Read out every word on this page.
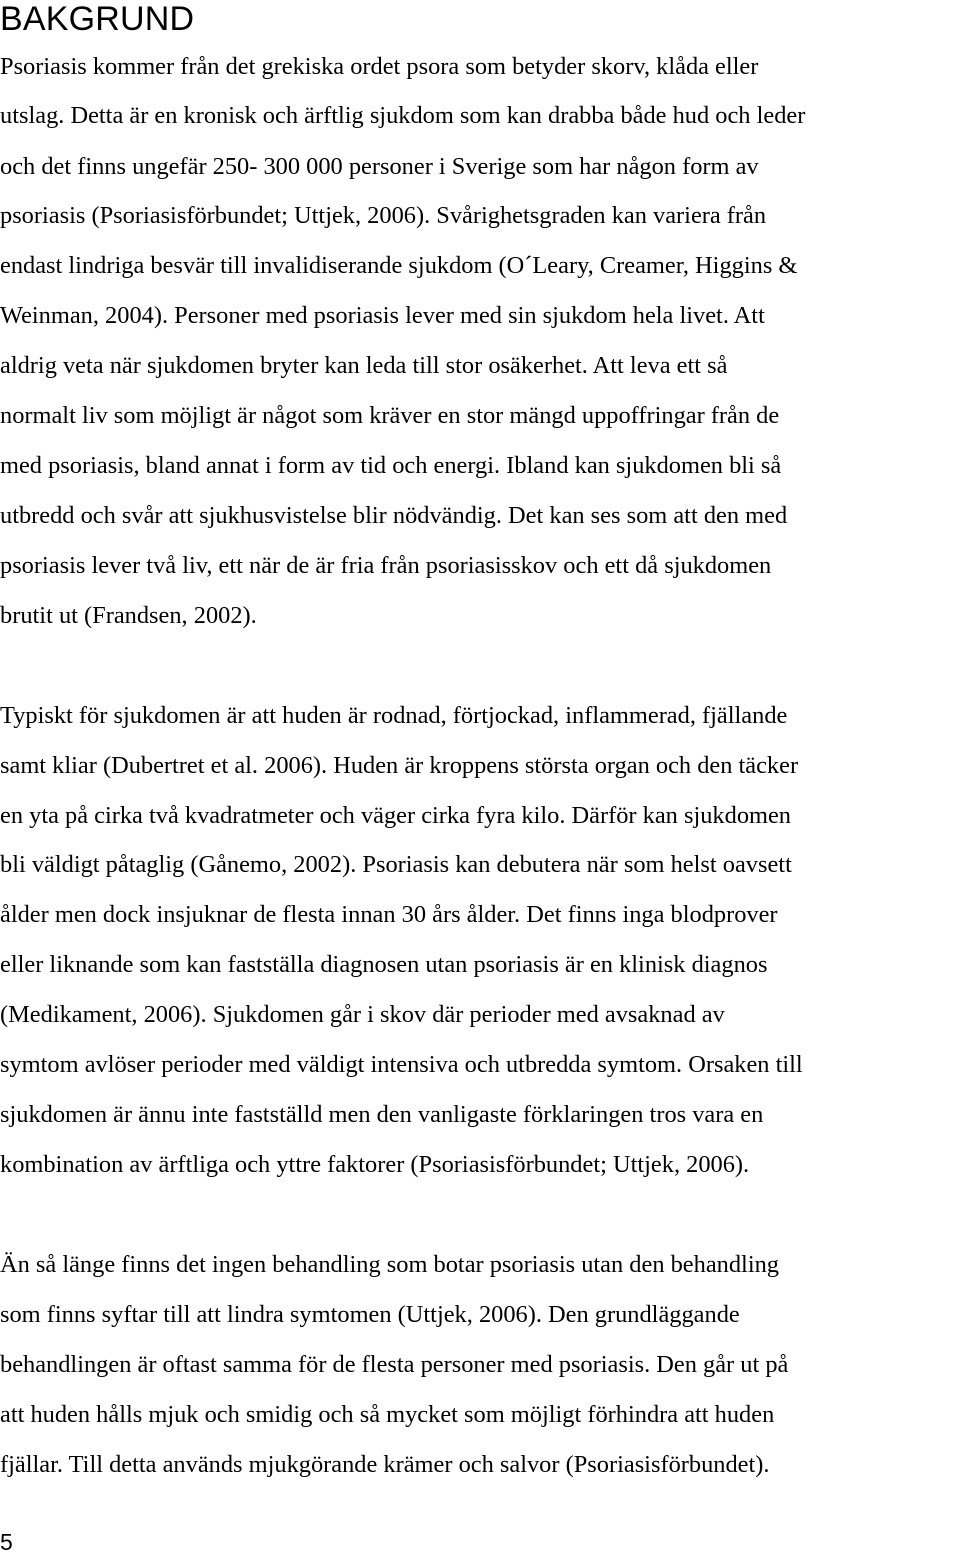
BAKGRUND

Psoriasis kommer från det grekiska ordet psora som betyder skorv, klåda eller

utslag. Detta är en kronisk och ärftlig sjukdom som kan drabba både hud och leder

och det finns ungefär 250- 300 000 personer i Sverige som har någon form av

psoriasis (Psoriasisförbundet; Uttjek, 2006). Svårighetsgraden kan variera från

endast lindriga besvär till invalidiserande sjukdom (O´Leary, Creamer, Higgins &

Weinman, 2004). Personer med psoriasis lever med sin sjukdom hela livet. Att

aldrig veta när sjukdomen bryter kan leda till stor osäkerhet. Att leva ett så

normalt liv som möjligt är något som kräver en stor mängd uppoffringar från de

med psoriasis, bland annat i form av tid och energi. Ibland kan sjukdomen bli så

utbredd och svår att sjukhusvistelse blir nödvändig. Det kan ses som att den med

psoriasis lever två liv, ett när de är fria från psoriasisskov och ett då sjukdomen

brutit ut (Frandsen, 2002).

Typiskt för sjukdomen är att huden är rodnad, förtjockad, inflammerad, fjällande

samt kliar (Dubertret et al. 2006). Huden är kroppens största organ och den täcker

en yta på cirka två kvadratmeter och väger cirka fyra kilo. Därför kan sjukdomen

bli väldigt påtaglig (Gånemo, 2002). Psoriasis kan debutera när som helst oavsett

ålder men dock insjuknar de flesta innan 30 års ålder. Det finns inga blodprover

eller liknande som kan fastställa diagnosen utan psoriasis är en klinisk diagnos

(Medikament, 2006). Sjukdomen går i skov där perioder med avsaknad av

symtom avlöser perioder med väldigt intensiva och utbredda symtom. Orsaken till

sjukdomen är ännu inte fastställd men den vanligaste förklaringen tros vara en

kombination av ärftliga och yttre faktorer (Psoriasisförbundet; Uttjek, 2006).

Än så länge finns det ingen behandling som botar psoriasis utan den behandling

som finns syftar till att lindra symtomen (Uttjek, 2006). Den grundläggande

behandlingen är oftast samma för de flesta personer med psoriasis. Den går ut på

att huden hålls mjuk och smidig och så mycket som möjligt förhindra att huden

fjällar. Till detta används mjukgörande krämer och salvor (Psoriasisförbundet).

5
